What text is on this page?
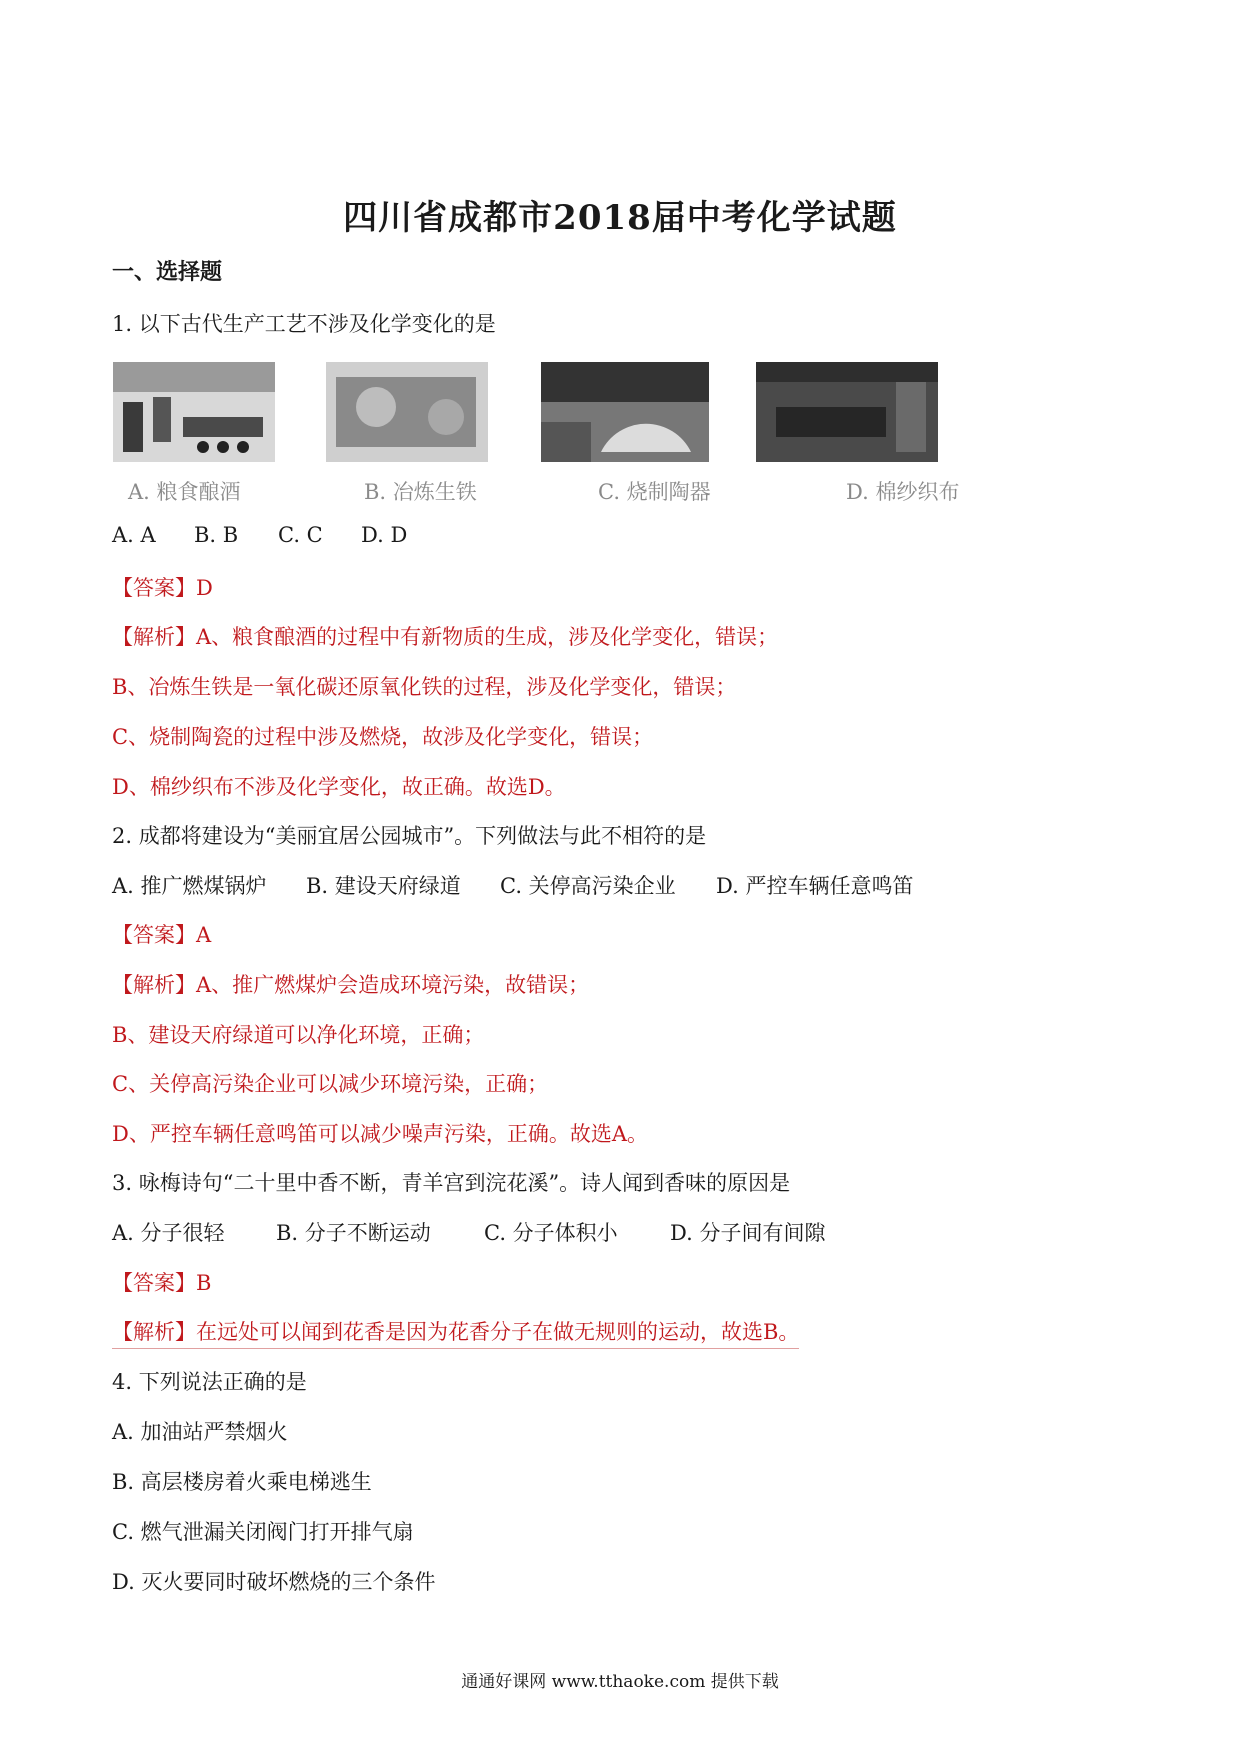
四川省成都市2018届中考化学试题
一、选择题
1. 以下古代生产工艺不涉及化学变化的是
A. 粮食酿酒	B. 冶炼生铁	C. 烧制陶器	D. 棉纱织布
A. A B. B C. C D. D
【答案】D
【解析】A、粮食酿酒的过程中有新物质的生成，涉及化学变化，错误；
B、冶炼生铁是一氧化碳还原氧化铁的过程，涉及化学变化，错误；
C、烧制陶瓷的过程中涉及燃烧，故涉及化学变化，错误；
D、棉纱织布不涉及化学变化，故正确。故选D。
2. 成都将建设为“美丽宜居公园城市”。下列做法与此不相符的是
A. 推广燃煤锅炉 B. 建设天府绿道 C. 关停高污染企业 D. 严控车辆任意鸣笛
【答案】A
【解析】A、推广燃煤炉会造成环境污染，故错误；
B、建设天府绿道可以净化环境，正确；
C、关停高污染企业可以减少环境污染，正确；
D、严控车辆任意鸣笛可以减少噪声污染，正确。故选A。
3. 咏梅诗句“二十里中香不断，青羊宫到浣花溪”。诗人闻到香味的原因是
A. 分子很轻 B. 分子不断运动	C. 分子体积小 D. 分子间有间隙
【答案】B
【解析】在远处可以闻到花香是因为花香分子在做无规则的运动，故选B。
4. 下列说法正确的是
A. 加油站严禁烟火
B. 高层楼房着火乘电梯逃生
C. 燃气泄漏关闭阀门打开排气扇
D. 灭火要同时破坏燃烧的三个条件
通通好课网 www.tthaoke.com 提供下载
